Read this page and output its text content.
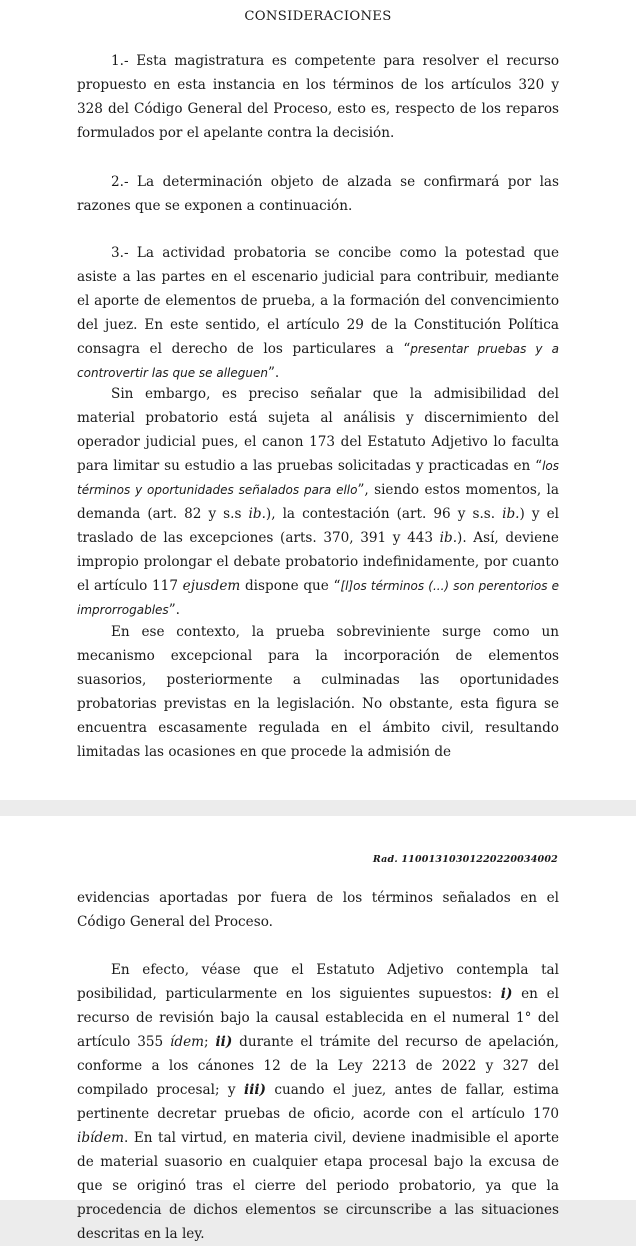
CONSIDERACIONES

1.- Esta magistratura es competente para resolver el recurso propuesto en esta instancia en los términos de los artículos 320 y 328 del Código General del Proceso, esto es, respecto de los reparos formulados por el apelante contra la decisión.

2.- La determinación objeto de alzada se confirmará por las razones que se exponen a continuación.

3.- La actividad probatoria se concibe como la potestad que asiste a las partes en el escenario judicial para contribuir, mediante el aporte de elementos de prueba, a la formación del convencimiento del juez. En este sentido, el artículo 29 de la Constitución Política consagra el derecho de los particulares a “presentar pruebas y a controvertir las que se alleguen”.

Sin embargo, es preciso señalar que la admisibilidad del material probatorio está sujeta al análisis y discernimiento del operador judicial pues, el canon 173 del Estatuto Adjetivo lo faculta para limitar su estudio a las pruebas solicitadas y practicadas en “los términos y oportunidades señalados para ello”, siendo estos momentos, la demanda (art. 82 y s.s ib.), la contestación (art. 96 y s.s. ib.) y el traslado de las excepciones (arts. 370, 391 y 443 ib.). Así, deviene impropio prolongar el debate probatorio indefinidamente, por cuanto el artículo 117 ejusdem dispone que “[l]os términos (...) son perentorios e improrrogables”.

En ese contexto, la prueba sobreviniente surge como un mecanismo excepcional para la incorporación de elementos suasorios, posteriormente a culminadas las oportunidades probatorias previstas en la legislación. No obstante, esta figura se encuentra escasamente regulada en el ámbito civil, resultando limitadas las ocasiones en que procede la admisión de

Rad. 11001310301220220034002

evidencias aportadas por fuera de los términos señalados en el Código General del Proceso.

En efecto, véase que el Estatuto Adjetivo contempla tal posibilidad, particularmente en los siguientes supuestos: i) en el recurso de revisión bajo la causal establecida en el numeral 1° del artículo 355 ídem; ii) durante el trámite del recurso de apelación, conforme a los cánones 12 de la Ley 2213 de 2022 y 327 del compilado procesal; y iii) cuando el juez, antes de fallar, estima pertinente decretar pruebas de oficio, acorde con el artículo 170 ibídem. En tal virtud, en materia civil, deviene inadmisible el aporte de material suasorio en cualquier etapa procesal bajo la excusa de que se originó tras el cierre del periodo probatorio, ya que la procedencia de dichos elementos se circunscribe a las situaciones descritas en la ley.
